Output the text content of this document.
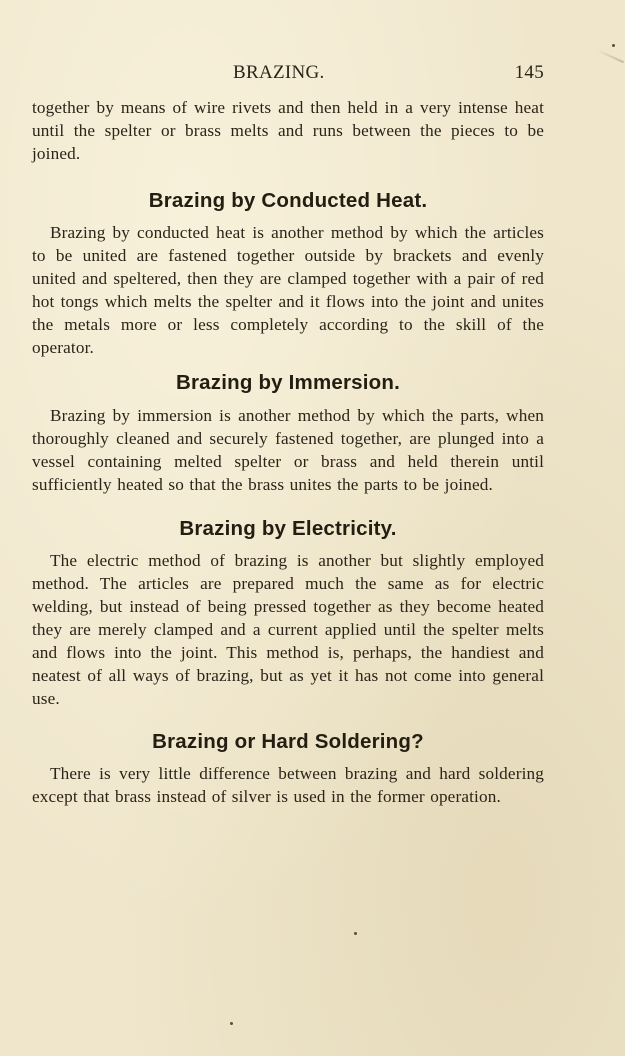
BRAZING.	145

together by means of wire rivets and then held in a very intense heat until the spelter or brass melts and runs between the pieces to be joined.

Brazing by Conducted Heat.

Brazing by conducted heat is another method by which the articles to be united are fastened together outside by brackets and evenly united and speltered, then they are clamped together with a pair of red hot tongs which melts the spelter and it flows into the joint and unites the metals more or less completely according to the skill of the operator.

Brazing by Immersion.

Brazing by immersion is another method by which the parts, when thoroughly cleaned and securely fastened together, are plunged into a vessel containing melted spelter or brass and held therein until sufficiently heated so that the brass unites the parts to be joined.

Brazing by Electricity.

The electric method of brazing is another but slightly employed method. The articles are prepared much the same as for electric welding, but instead of being pressed together as they become heated they are merely clamped and a current applied until the spelter melts and flows into the joint. This method is, perhaps, the handiest and neatest of all ways of brazing, but as yet it has not come into general use.

Brazing or Hard Soldering?

There is very little difference between brazing and hard soldering except that brass instead of silver is used in the former operation.
